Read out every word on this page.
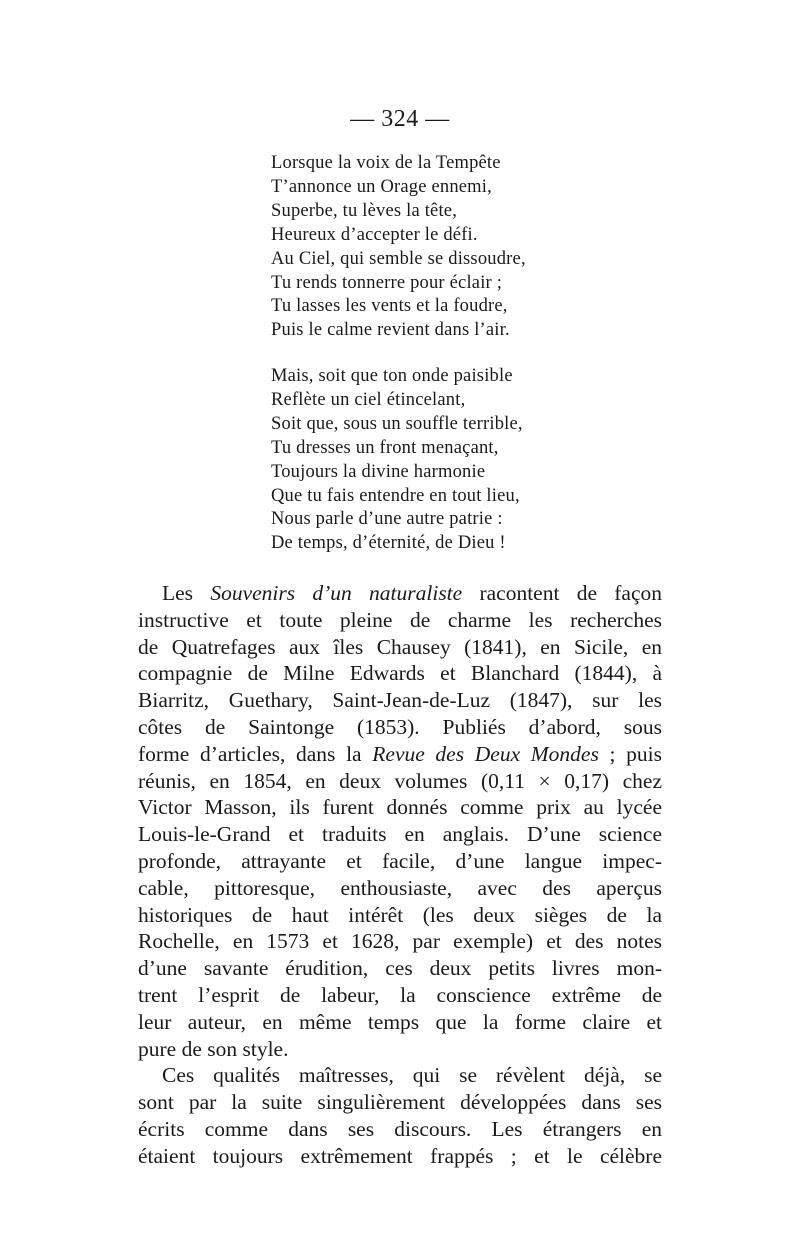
— 324 —
Lorsque la voix de la Tempête
T’annonce un Orage ennemi,
Superbe, tu lèves la tête,
Heureux d’accepter le défi.
Au Ciel, qui semble se dissoudre,
Tu rends tonnerre pour éclair ;
Tu lasses les vents et la foudre,
Puis le calme revient dans l’air.
Mais, soit que ton onde paisible
Reflète un ciel étincelant,
Soit que, sous un souffle terrible,
Tu dresses un front menaçant,
Toujours la divine harmonie
Que tu fais entendre en tout lieu,
Nous parle d’une autre patrie :
De temps, d’éternité, de Dieu !
Les Souvenirs d’un naturaliste racontent de façon
instructive et toute pleine de charme les recherches
de Quatrefages aux îles Chausey (1841), en Sicile, en
compagnie de Milne Edwards et Blanchard (1844), à
Biarritz, Guethary, Saint-Jean-de-Luz (1847), sur les
côtes de Saintonge (1853). Publiés d’abord, sous
forme d’articles, dans la Revue des Deux Mondes ; puis
réunis, en 1854, en deux volumes (0,11 × 0,17) chez
Victor Masson, ils furent donnés comme prix au lycée
Louis-le-Grand et traduits en anglais. D’une science
profonde, attrayante et facile, d’une langue impec-
cable, pittoresque, enthousiaste, avec des aperçus
historiques de haut intérêt (les deux sièges de la
Rochelle, en 1573 et 1628, par exemple) et des notes
d’une savante érudition, ces deux petits livres mon-
trent l’esprit de labeur, la conscience extrême de
leur auteur, en même temps que la forme claire et
pure de son style.
Ces qualités maîtresses, qui se révèlent déjà, se
sont par la suite singulièrement développées dans ses
écrits comme dans ses discours. Les étrangers en
étaient toujours extrêmement frappés ; et le célèbre
